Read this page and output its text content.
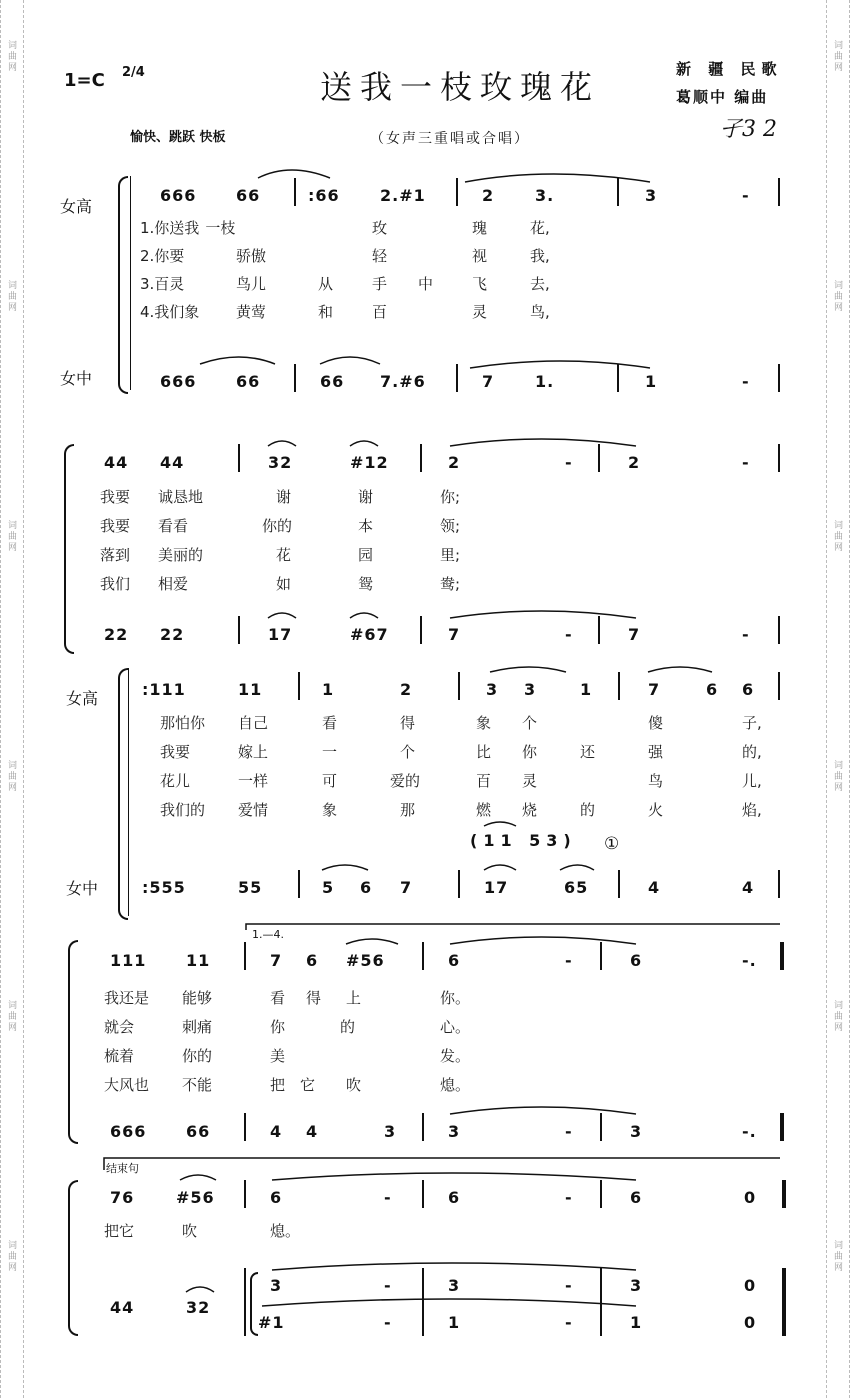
词曲网
词曲网
词曲网
词曲网
词曲网
词曲网
词曲网
词曲网
词曲网
词曲网
词曲网
词曲网
1=C 2/4	送我一枝玫瑰花	新 疆 民歌
葛顺中 编曲
愉快、跳跃 快板	（女声三重唱或合唱）	孑3 2
女高
女中
666 66	:66	2.#1	2	3.	3	-
1.你送我 一枝	玫	瑰	花,
2.你要	骄傲	轻	视	我,
3.百灵	鸟儿	从	手 中	飞	去,
4.我们象 黄莺	和	百	灵	鸟,
666 66	66 7.#6	7	1.	1	-
44 44	32	#12	2	-	2	-
我要 诚恳地	谢	谢	你;
我要 看看	你的	本	领;
落到 美丽的	花	园	里;
我们 相爱	如	鸳	鸯;
22 22	17	#67	7	-	7	-
女高
女中
:111	11	1	2	3 3	1	7	6 6
那怕你 自己	看	得	象 个	傻	子,
我要	嫁上	一	个	比 你	还	强	的,
花儿	一样	可	爱的	百 灵	鸟	儿,
我们的 爱情	象	那	燃 烧	的	火	焰,
(11 53) ①
:555	55	5 6 7	17	65	4	4
1.—4.
111 11	7 6 #56	6	-	6	-.
我还是 能够	看 得 上	你。
就会	刺痛	你	的	心。
梳着	你的	美	发。
大风也 不能	把 它 吹	熄。
666 66	4 4	3	3	-	3	-.
结束句
76	#56	6	-	6	-	6	0
把它	吹	熄。
44	32
3	-	3	-	3	0
#1	-	1	-	1	0
